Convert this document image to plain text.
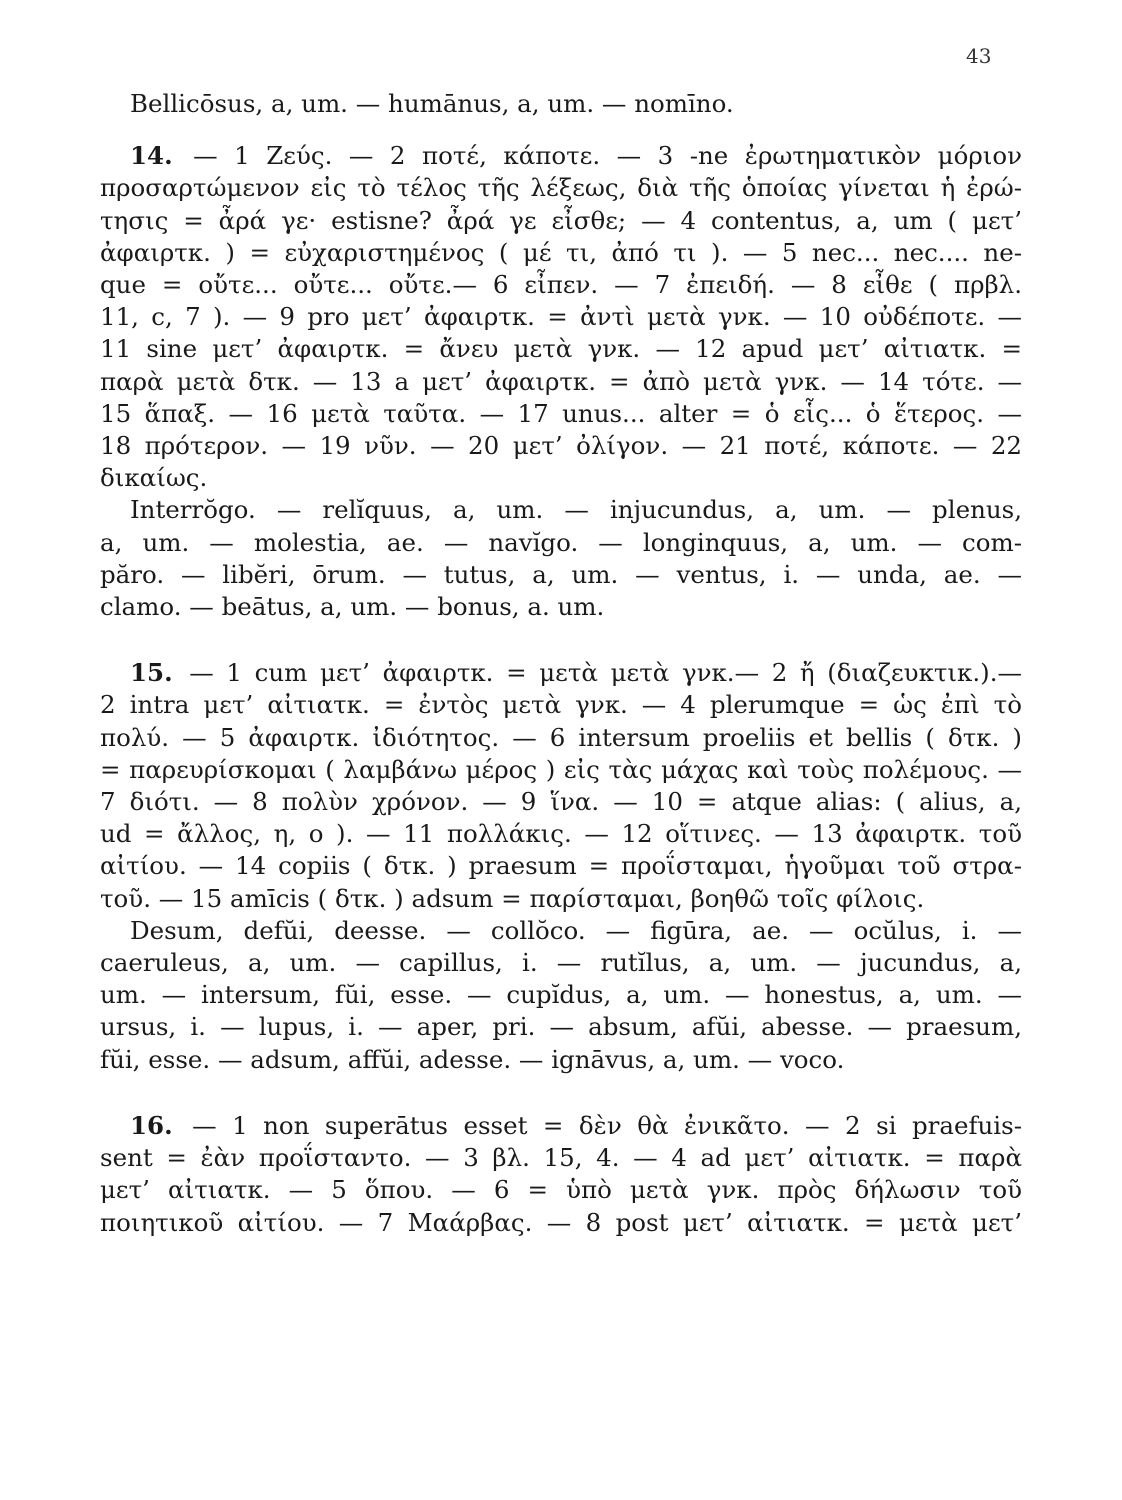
43
Bellicōsus, a, um. — humānus, a, um. — nomīno.
14. — 1 Ζεύς. — 2 ποτέ, κάποτε. — 3 -ne ἐρωτηματικὸν μόριον
προσαρτώμενον εἰς τὸ τέλος τῆς λέξεως, διὰ τῆς ὁποίας γίνεται ἡ ἐρώ-
τησις = ἆρά γε· estisne? ἆρά γε εἶσθε; — 4 contentus, a, um ( μετ’
ἀφαιρτκ. ) = εὐχαριστημένος ( μέ τι, ἀπό τι ). — 5 nec... nec.... ne-
que = οὔτε... οὔτε... οὔτε.— 6 εἶπεν. — 7 ἐπειδή. — 8 εἶθε ( πρβλ.
11, c, 7 ). — 9 pro μετ’ ἀφαιρτκ. = ἀντὶ μετὰ γνκ. — 10 οὐδέποτε. —
11 sine μετ’ ἀφαιρτκ. = ἄνευ μετὰ γνκ. — 12 apud μετ’ αἰτιατκ. =
παρὰ μετὰ δτκ. — 13 a μετ’ ἀφαιρτκ. = ἀπὸ μετὰ γνκ. — 14 τότε. —
15 ἅπαξ. — 16 μετὰ ταῦτα. — 17 unus... alter = ὁ εἷς... ὁ ἕτερος. —
18 πρότερον. — 19 νῦν. — 20 μετ’ ὀλίγον. — 21 ποτέ, κάποτε. — 22
δικαίως.
Interrŏgo. — relĭquus, a, um. — injucundus, a, um. — plenus,
a, um. — molestia, ae. — navĭgo. — longinquus, a, um. — com-
păro. — libĕri, ōrum. — tutus, a, um. — ventus, i. — unda, ae. —
clamo. — beātus, a, um. — bonus, a. um.
15. — 1 cum μετ’ ἀφαιρτκ. = μετὰ μετὰ γνκ.— 2 ἤ (διαζευκτικ.).—
2 intra μετ’ αἰτιατκ. = ἐντὸς μετὰ γνκ. — 4 plerumque = ὡς ἐπὶ τὸ
πολύ. — 5 ἀφαιρτκ. ἰδιότητος. — 6 intersum proeliis et bellis ( δτκ. )
= παρευρίσκομαι ( λαμβάνω μέρος ) εἰς τὰς μάχας καὶ τοὺς πολέμους. —
7 διότι. — 8 πολὺν χρόνον. — 9 ἵνα. — 10 = atque alias: ( alius, a,
ud = ἄλλος, η, ο ). — 11 πολλάκις. — 12 οἵτινες. — 13 ἀφαιρτκ. τοῦ
αἰτίου. — 14 copiis ( δτκ. ) praesum = προΐσταμαι, ἡγοῦμαι τοῦ στρα-
τοῦ. — 15 amīcis ( δτκ. ) adsum = παρίσταμαι, βοηθῶ τοῖς φίλοις.
Desum, defŭi, deesse. — collŏco. — figūra, ae. — ocŭlus, i. —
caeruleus, a, um. — capillus, i. — rutĭlus, a, um. — jucundus, a,
um. — intersum, fŭi, esse. — cupĭdus, a, um. — honestus, a, um. —
ursus, i. — lupus, i. — aper, pri. — absum, afŭi, abesse. — praesum,
fŭi, esse. — adsum, affŭi, adesse. — ignāvus, a, um. — voco.
16. — 1 non superātus esset = δὲν θὰ ἐνικᾶτο. — 2 si praefuis-
sent = ἐὰν προΐσταντο. — 3 βλ. 15, 4. — 4 ad μετ’ αἰτιατκ. = παρὰ
μετ’ αἰτιατκ. — 5 ὅπου. — 6 = ὑπὸ μετὰ γνκ. πρὸς δήλωσιν τοῦ
ποιητικοῦ αἰτίου. — 7 Μαάρβας. — 8 post μετ’ αἰτιατκ. = μετὰ μετ’
